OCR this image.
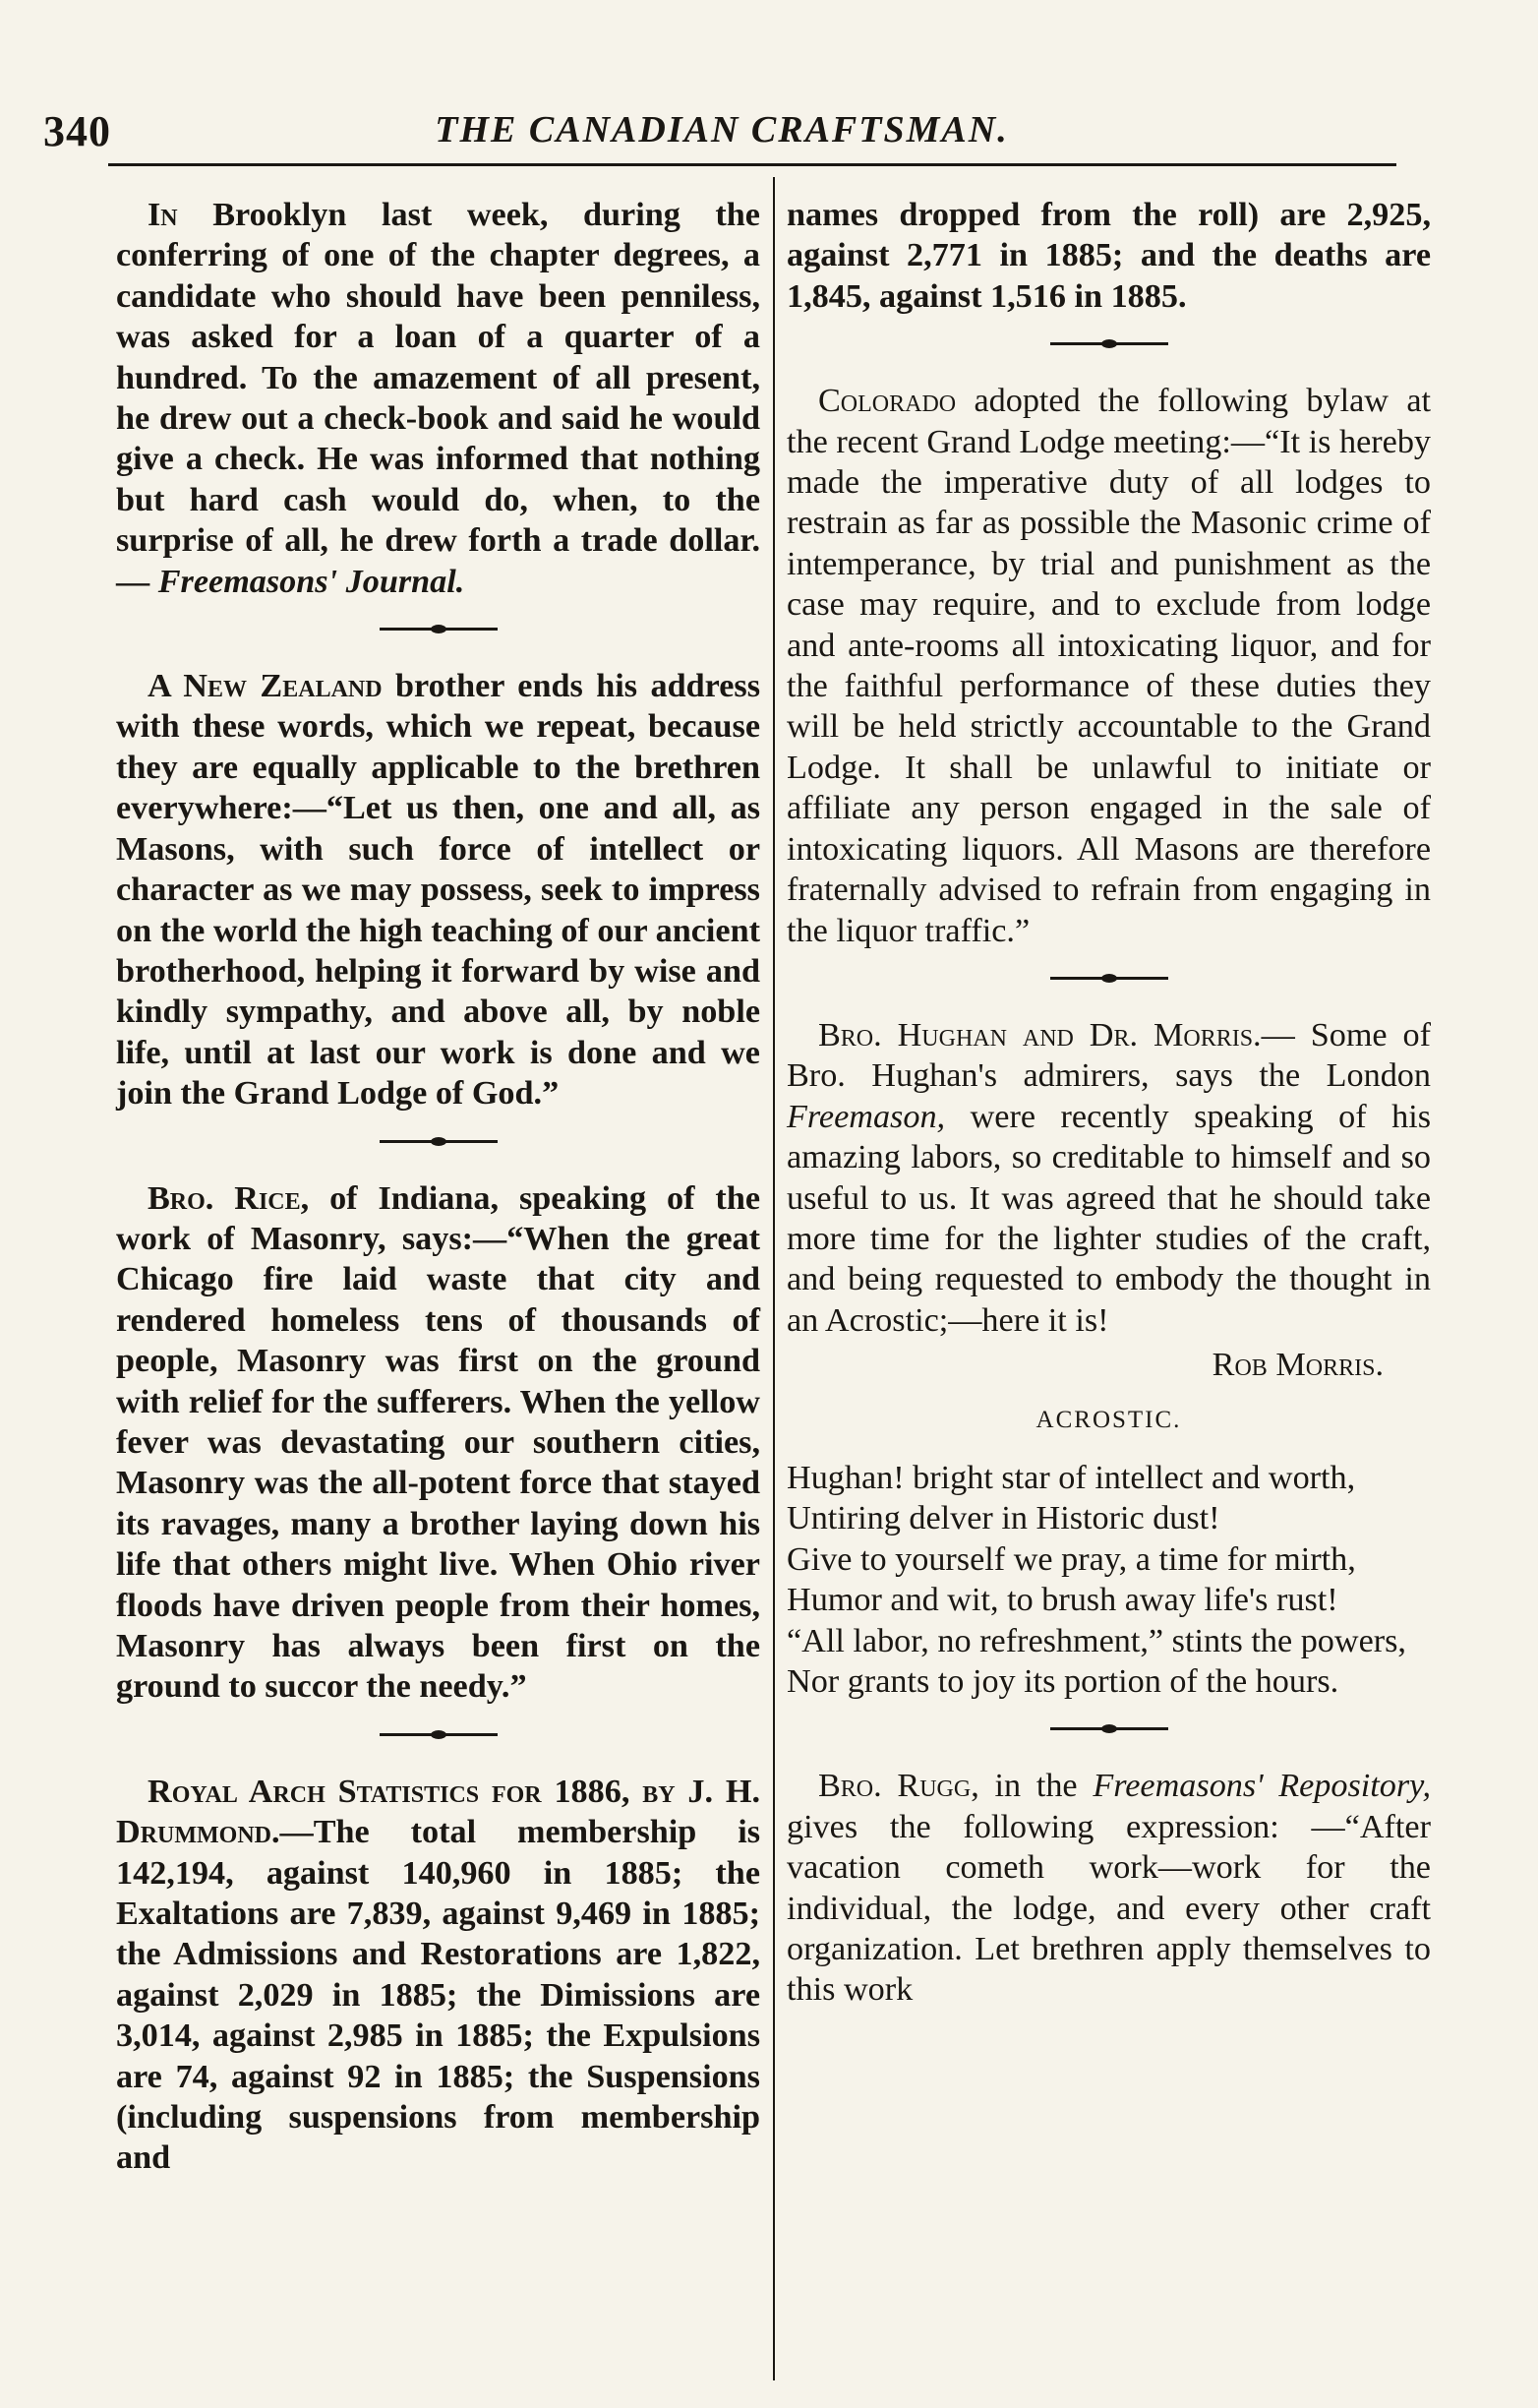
340	THE CANADIAN CRAFTSMAN.

In Brooklyn last week, during the conferring of one of the chapter degrees, a candidate who should have been penniless, was asked for a loan of a quarter of a hundred. To the amazement of all present, he drew out a check-book and said he would give a check. He was informed that nothing but hard cash would do, when, to the surprise of all, he drew forth a trade dollar.— Freemasons' Journal.

A New Zealand brother ends his address with these words, which we repeat, because they are equally applicable to the brethren everywhere:—“Let us then, one and all, as Masons, with such force of intellect or character as we may possess, seek to impress on the world the high teaching of our ancient brotherhood, helping it forward by wise and kindly sympathy, and above all, by noble life, until at last our work is done and we join the Grand Lodge of God.”

Bro. Rice, of Indiana, speaking of the work of Masonry, says:—“When the great Chicago fire laid waste that city and rendered homeless tens of thousands of people, Masonry was first on the ground with relief for the sufferers. When the yellow fever was devastating our southern cities, Masonry was the all-potent force that stayed its ravages, many a brother laying down his life that others might live. When Ohio river floods have driven people from their homes, Masonry has always been first on the ground to succor the needy.”

Royal Arch Statistics for 1886, by J. H. Drummond.—The total membership is 142,194, against 140,960 in 1885; the Exaltations are 7,839, against 9,469 in 1885; the Admissions and Restorations are 1,822, against 2,029 in 1885; the Dimissions are 3,014, against 2,985 in 1885; the Expulsions are 74, against 92 in 1885; the Suspensions (including suspensions from membership and

names dropped from the roll) are 2,925, against 2,771 in 1885; and the deaths are 1,845, against 1,516 in 1885.

Colorado adopted the following bylaw at the recent Grand Lodge meeting:—“It is hereby made the imperative duty of all lodges to restrain as far as possible the Masonic crime of intemperance, by trial and punishment as the case may require, and to exclude from lodge and ante-rooms all intoxicating liquor, and for the faithful performance of these duties they will be held strictly accountable to the Grand Lodge. It shall be unlawful to initiate or affiliate any person engaged in the sale of intoxicating liquors. All Masons are therefore fraternally advised to refrain from engaging in the liquor traffic.”

Bro. Hughan and Dr. Morris.— Some of Bro. Hughan's admirers, says the London Freemason, were recently speaking of his amazing labors, so creditable to himself and so useful to us. It was agreed that he should take more time for the lighter studies of the craft, and being requested to embody the thought in an Acrostic;—here it is!

Rob Morris.

ACROSTIC.

Hughan! bright star of intellect and worth,

Untiring delver in Historic dust!

Give to yourself we pray, a time for mirth,

Humor and wit, to brush away life's rust!

“All labor, no refreshment,” stints the powers,

Nor grants to joy its portion of the hours.

Bro. Rugg, in the Freemasons' Repository, gives the following expression: —“After vacation cometh work—work for the individual, the lodge, and every other craft organization. Let brethren apply themselves to this work
